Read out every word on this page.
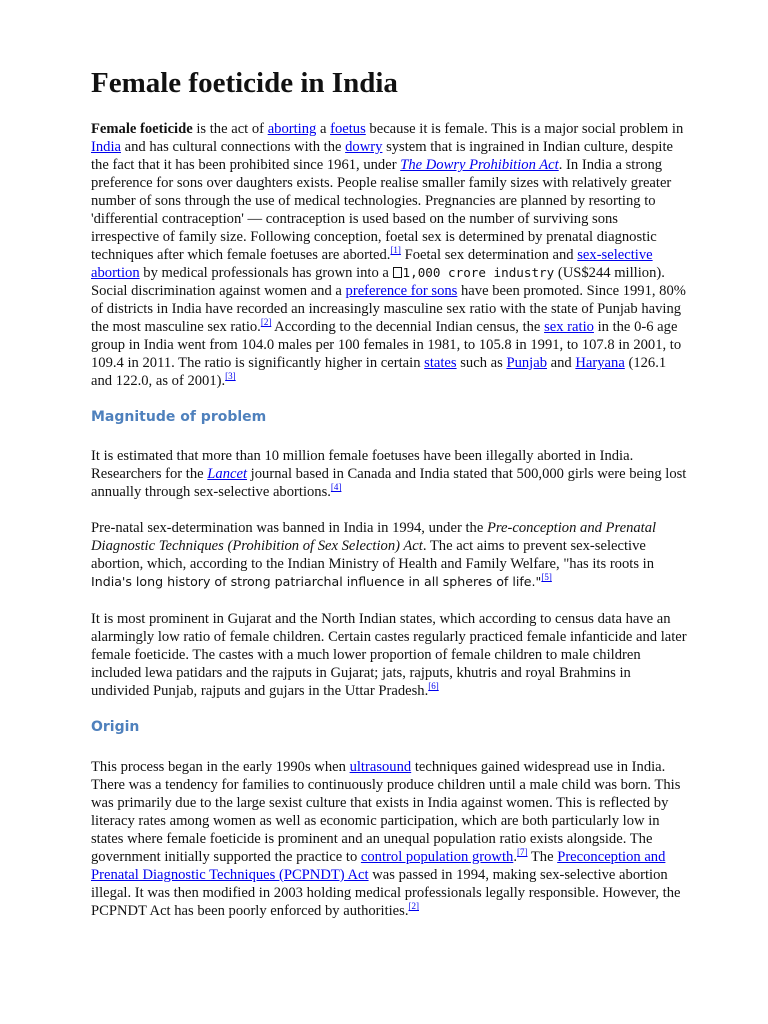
Female foeticide in India

Female foeticide is the act of aborting a foetus because it is female. This is a major social problem in India and has cultural connections with the dowry system that is ingrained in Indian culture, despite the fact that it has been prohibited since 1961, under The Dowry Prohibition Act. In India a strong preference for sons over daughters exists. People realise smaller family sizes with relatively greater number of sons through the use of medical technologies. Pregnancies are planned by resorting to 'differential contraception' — contraception is used based on the number of surviving sons irrespective of family size. Following conception, foetal sex is determined by prenatal diagnostic techniques after which female foetuses are aborted.[1] Foetal sex determination and sex-selective abortion by medical professionals has grown into a 1,000 crore industry (US$244 million). Social discrimination against women and a preference for sons have been promoted. Since 1991, 80% of districts in India have recorded an increasingly masculine sex ratio with the state of Punjab having the most masculine sex ratio.[2] According to the decennial Indian census, the sex ratio in the 0-6 age group in India went from 104.0 males per 100 females in 1981, to 105.8 in 1991, to 107.8 in 2001, to 109.4 in 2011. The ratio is significantly higher in certain states such as Punjab and Haryana (126.1 and 122.0, as of 2001).[3]

Magnitude of problem

It is estimated that more than 10 million female foetuses have been illegally aborted in India. Researchers for the Lancet journal based in Canada and India stated that 500,000 girls were being lost annually through sex-selective abortions.[4]

Pre-natal sex-determination was banned in India in 1994, under the Pre-conception and Prenatal Diagnostic Techniques (Prohibition of Sex Selection) Act. The act aims to prevent sex-selective abortion, which, according to the Indian Ministry of Health and Family Welfare, "has its roots in India's long history of strong patriarchal influence in all spheres of life."[5]

It is most prominent in Gujarat and the North Indian states, which according to census data have an alarmingly low ratio of female children. Certain castes regularly practiced female infanticide and later female foeticide. The castes with a much lower proportion of female children to male children included lewa patidars and the rajputs in Gujarat; jats, rajputs, khutris and royal Brahmins in undivided Punjab, rajputs and gujars in the Uttar Pradesh.[6]

Origin

This process began in the early 1990s when ultrasound techniques gained widespread use in India. There was a tendency for families to continuously produce children until a male child was born. This was primarily due to the large sexist culture that exists in India against women. This is reflected by literacy rates among women as well as economic participation, which are both particularly low in states where female foeticide is prominent and an unequal population ratio exists alongside. The government initially supported the practice to control population growth.[7] The Preconception and Prenatal Diagnostic Techniques (PCPNDT) Act was passed in 1994, making sex-selective abortion illegal. It was then modified in 2003 holding medical professionals legally responsible. However, the PCPNDT Act has been poorly enforced by authorities.[2]
